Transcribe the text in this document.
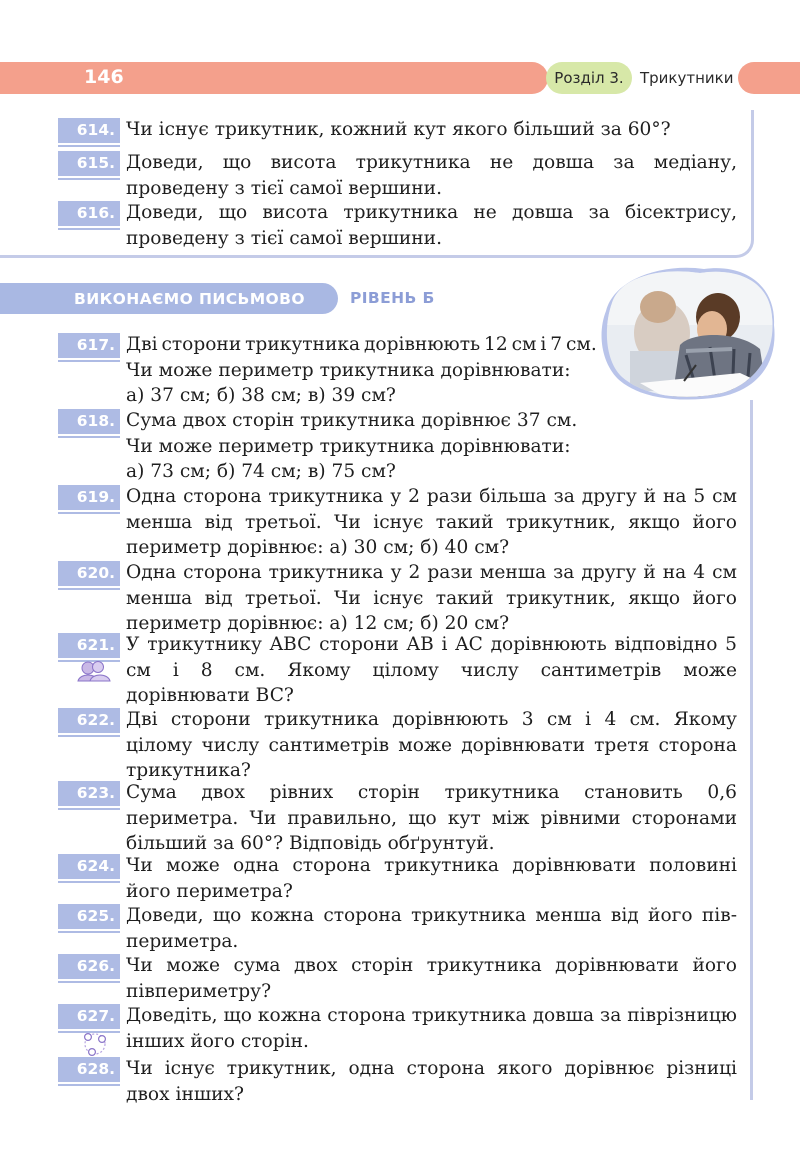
146	Розділ 3.	Трикутники
614. Чи існує трикутник, кожний кут якого більший за 60°?
615. Доведи, що висота трикутника не довша за медіану, проведену з тієї самої вершини.
616. Доведи, що висота трикутника не довша за бісектрису, проведену з тієї самої вершини.
ВИКОНАЄМО ПИСЬМОВО	РІВЕНЬ Б
617. Дві сторони трикутника дорівнюють 12 см і 7 см.
Чи може периметр трикутника дорівнювати:
а) 37 см; б) 38 см; в) 39 см?
618. Сума двох сторін трикутника дорівнює 37 см.
Чи може периметр трикутника дорівнювати:
а) 73 см; б) 74 см; в) 75 см?
619. Одна сторона трикутника у 2 рази більша за другу й на 5 см менша від третьої. Чи існує такий трикутник, якщо його периметр дорівнює: а) 30 см; б) 40 см?
620. Одна сторона трикутника у 2 рази менша за другу й на 4 см менша від третьої. Чи існує такий трикутник, якщо його периметр дорівнює: а) 12 см; б) 20 см?
621. У трикутнику ABC сторони AB і AC дорівнюють відповідно 5 см і 8 см. Якому цілому числу сантиметрів може дорівнювати BC?
622. Дві сторони трикутника дорівнюють 3 см і 4 см. Якому цілому числу сантиметрів може дорівнювати третя сторона трикутника?
623. Сума двох рівних сторін трикутника становить 0,6 периметра. Чи правильно, що кут між рівними сторонами більший за 60°? Відповідь обґрунтуй.
624. Чи може одна сторона трикутника дорівнювати половині його периметра?
625. Доведи, що кожна сторона трикутника менша від його півпериметра.
626. Чи може сума двох сторін трикутника дорівнювати його півпериметру?
627. Доведіть, що кожна сторона трикутника довша за піврізницю інших його сторін.
628. Чи існує трикутник, одна сторона якого дорівнює різниці двох інших?
